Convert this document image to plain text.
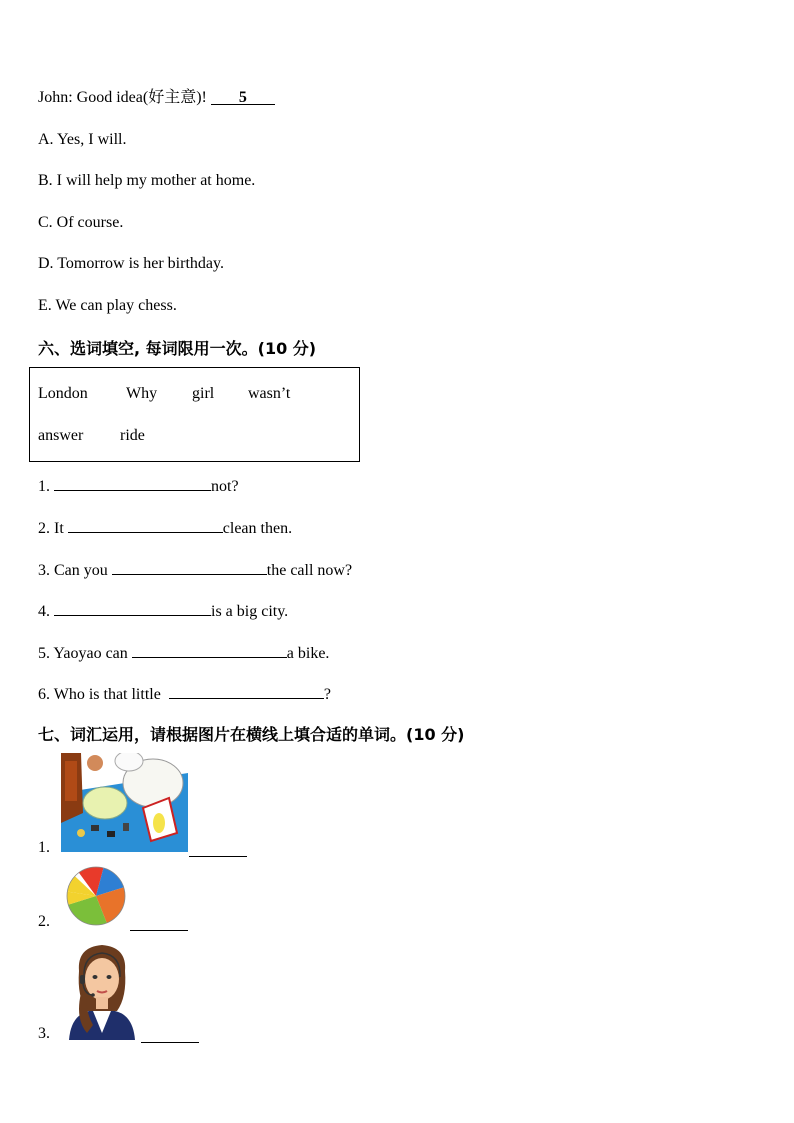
John: Good idea(好主意)! 5
A. Yes, I will.
B. I will help my mother at home.
C. Of course.
D. Tomorrow is her birthday.
E. We can play chess.
六、选词填空, 每词限用一次。(10 分)
London Why girl wasn’t
answer ride
1.	not?
2. It	clean then.
3. Can you	the call now?
4.	is a big city.
5. Yaoyao can	a bike.
6. Who is that little	?
七、词汇运用，请根据图片在横线上填合适的单词。(10 分)
1.
2.
3.
